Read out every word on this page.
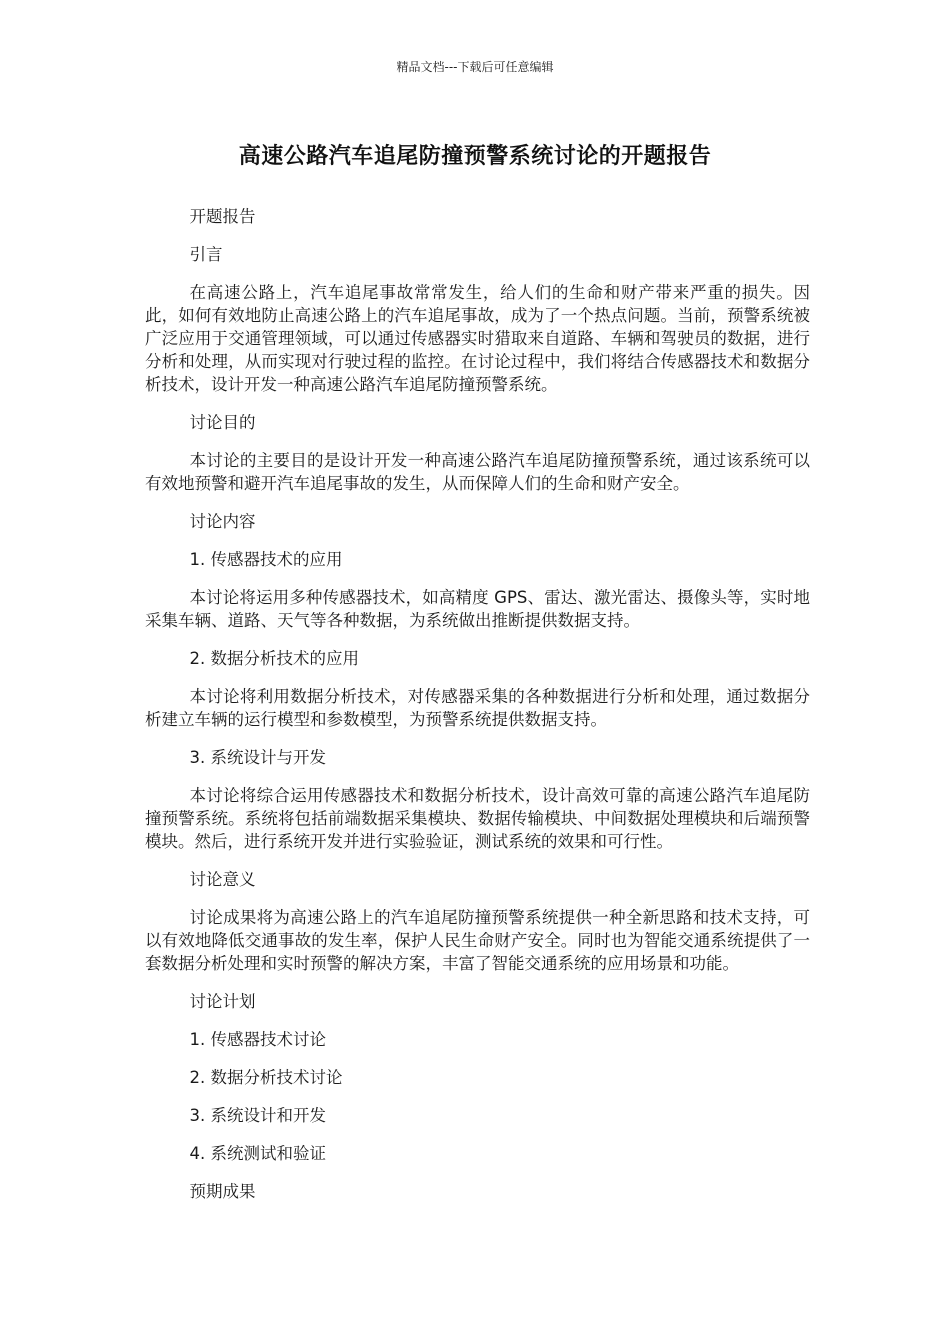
精品文档---下载后可任意编辑
高速公路汽车追尾防撞预警系统讨论的开题报告

开题报告

引言

在高速公路上，汽车追尾事故常常发生，给人们的生命和财产带来严重的损失。因此，如何有效地防止高速公路上的汽车追尾事故，成为了一个热点问题。当前，预警系统被广泛应用于交通管理领域，可以通过传感器实时猎取来自道路、车辆和驾驶员的数据，进行分析和处理，从而实现对行驶过程的监控。在讨论过程中，我们将结合传感器技术和数据分析技术，设计开发一种高速公路汽车追尾防撞预警系统。

讨论目的

本讨论的主要目的是设计开发一种高速公路汽车追尾防撞预警系统，通过该系统可以有效地预警和避开汽车追尾事故的发生，从而保障人们的生命和财产安全。

讨论内容

1. 传感器技术的应用

本讨论将运用多种传感器技术，如高精度 GPS、雷达、激光雷达、摄像头等，实时地采集车辆、道路、天气等各种数据，为系统做出推断提供数据支持。

2. 数据分析技术的应用

本讨论将利用数据分析技术，对传感器采集的各种数据进行分析和处理，通过数据分析建立车辆的运行模型和参数模型，为预警系统提供数据支持。

3. 系统设计与开发

本讨论将综合运用传感器技术和数据分析技术，设计高效可靠的高速公路汽车追尾防撞预警系统。系统将包括前端数据采集模块、数据传输模块、中间数据处理模块和后端预警模块。然后，进行系统开发并进行实验验证，测试系统的效果和可行性。

讨论意义

讨论成果将为高速公路上的汽车追尾防撞预警系统提供一种全新思路和技术支持，可以有效地降低交通事故的发生率，保护人民生命财产安全。同时也为智能交通系统提供了一套数据分析处理和实时预警的解决方案，丰富了智能交通系统的应用场景和功能。

讨论计划

1. 传感器技术讨论

2. 数据分析技术讨论

3. 系统设计和开发

4. 系统测试和验证

预期成果
